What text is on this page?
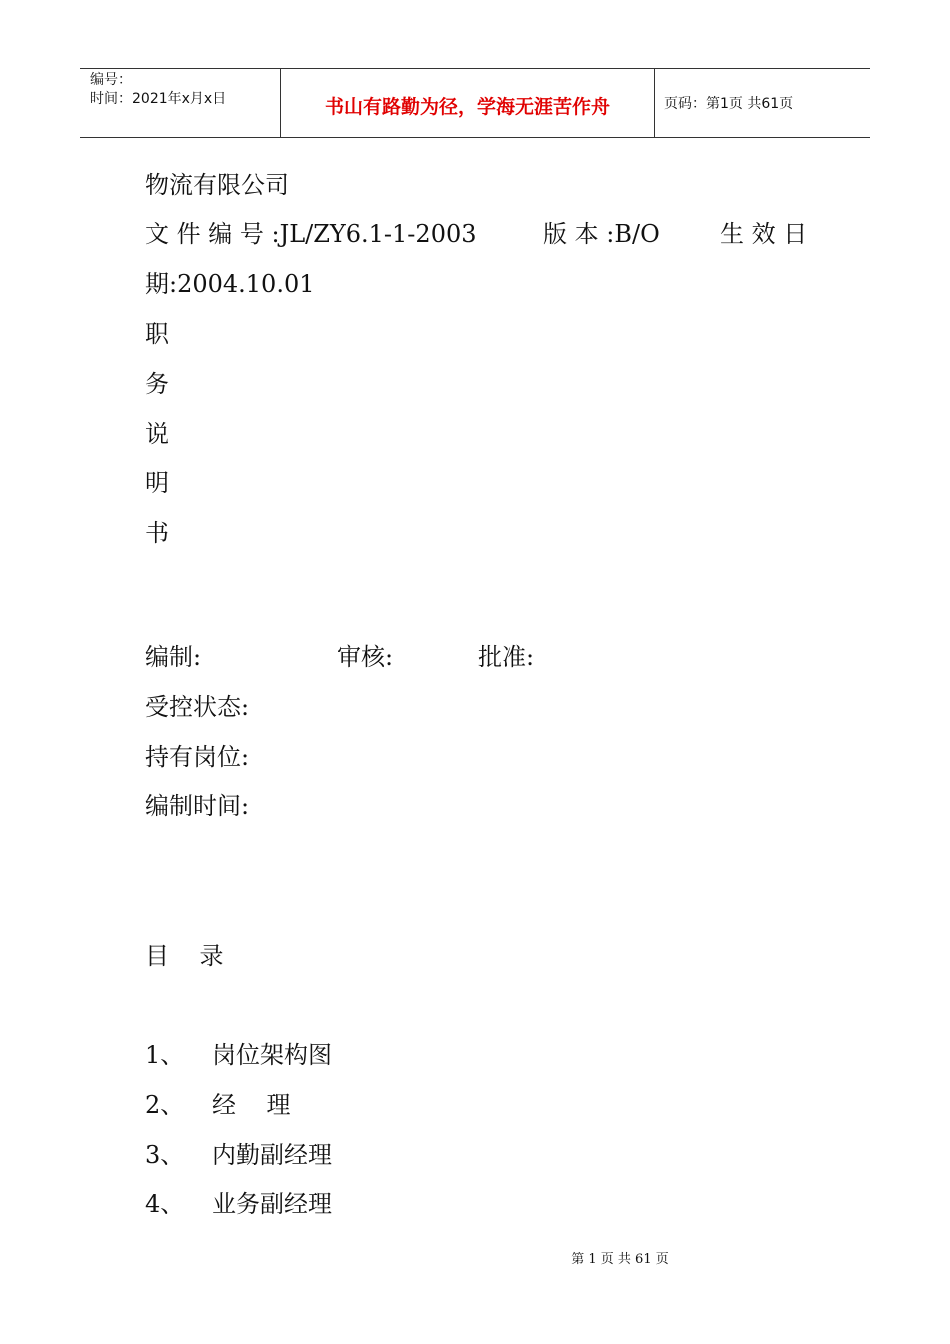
编号：
时间：2021年x月x日	书山有路勤为径，学海无涯苦作舟	页码：第1页 共61页
物流有限公司
文 件 编 号 :JL/ZY6.1-1-2003	版 本 :B/O	生 效 日
期:2004.10.01
职
务
说
明
书
编制:	审核:	批准:
受控状态:
持有岗位:
编制时间:
目    录
1、 岗位架构图
2、 经    理
3、 内勤副经理
4、 业务副经理
第 1 页 共 61 页
